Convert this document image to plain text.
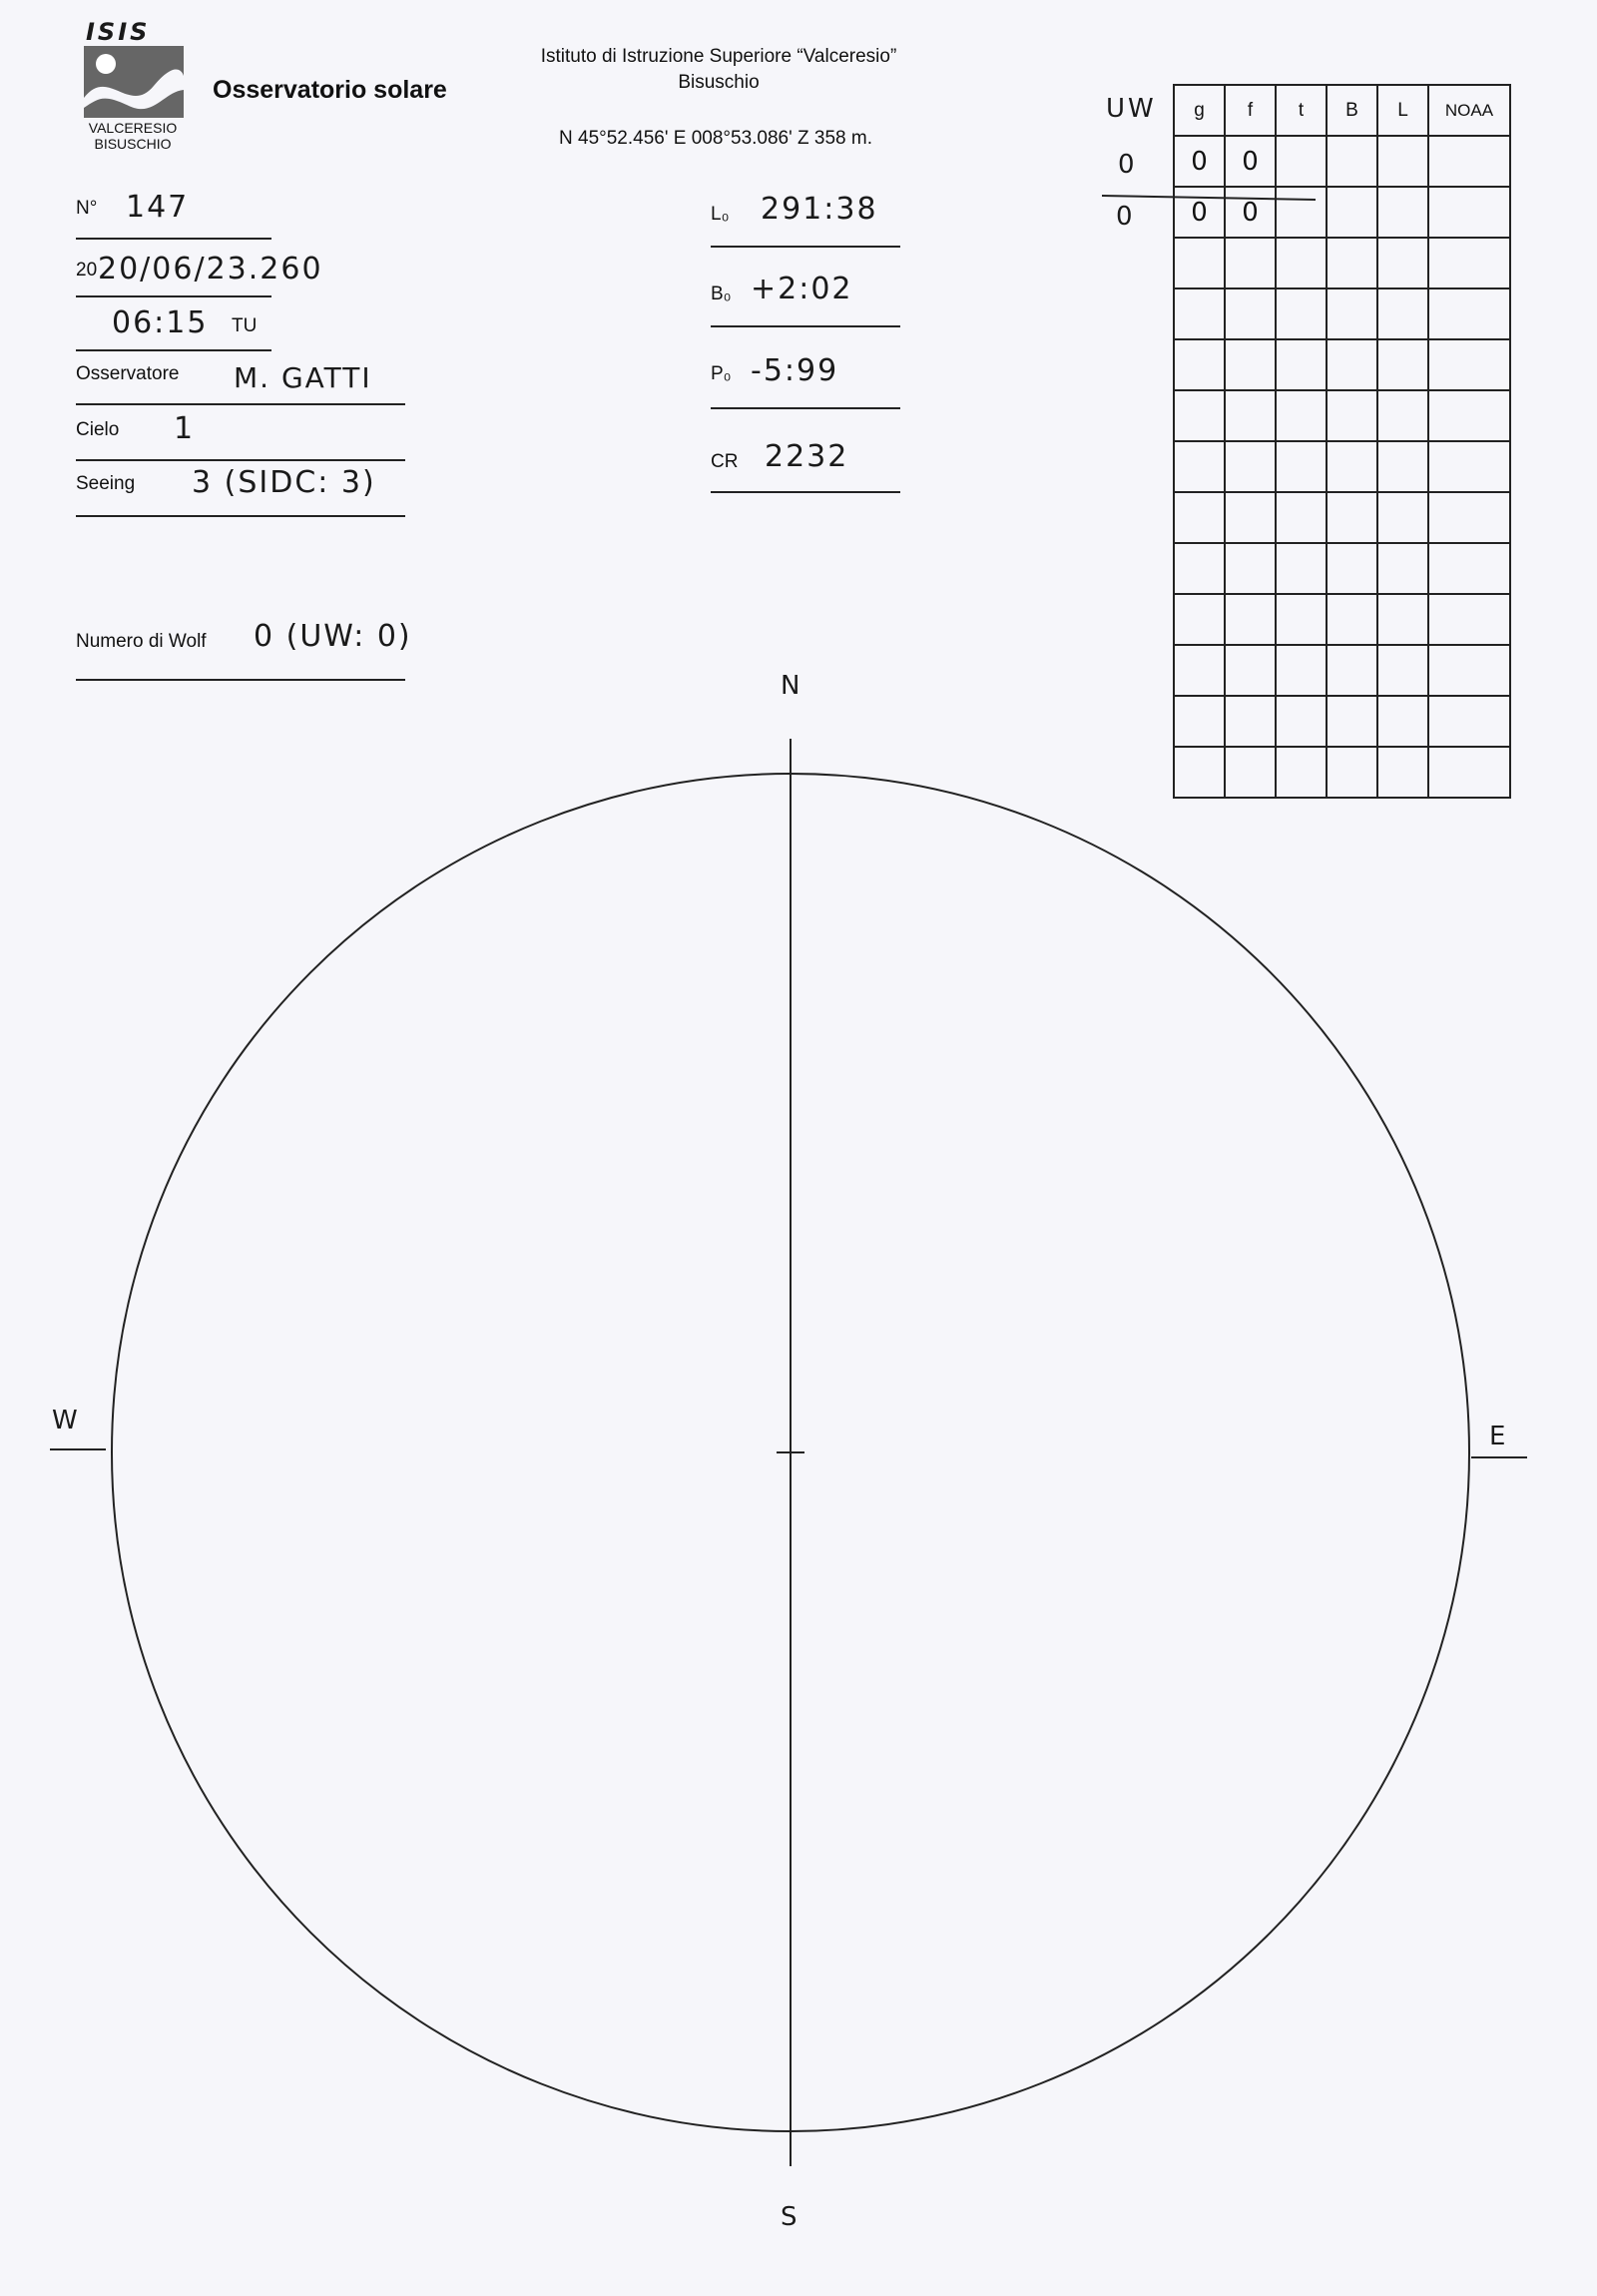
ISIS
VALCERESIO
BISUSCHIO
Osservatorio solare
Istituto di Istruzione Superiore “Valceresio”
Bisuschio
N 45°52.456' E 008°53.086' Z 358 m.
N° 147
20 20/06/23.260
06:15 TU
Osservatore M. GATTI
Cielo 1
Seeing 3 (SIDC: 3)
Numero di Wolf 0 (UW: 0)
L₀ 291:38
B₀ +2:02
P₀ -5:99
CR 2232
UW
0
0
g	f	t	B	L	NOAA
0	0				
0	0				

N
S
W
E
